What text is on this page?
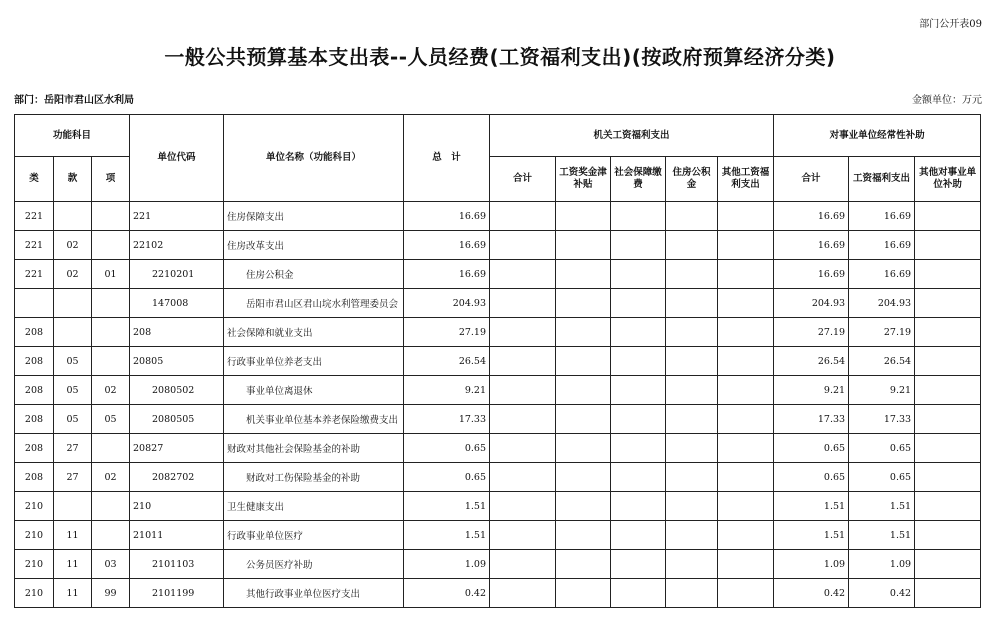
部门公开表09
一般公共预算基本支出表--人员经费(工资福利支出)(按政府预算经济分类)
部门：岳阳市君山区水利局	金额单位：万元
功能科目			单位代码	单位名称（功能科目）	总　计	机关工资福利支出					对事业单位经常性补助		
类	款	项				合计	工资奖金津补贴	社会保障缴费	住房公积金	其他工资福利支出	合计	工资福利支出	其他对事业单位补助
221			221	住房保障支出	16.69						16.69	16.69	
221	02		22102	住房改革支出	16.69						16.69	16.69	
221	02	01	2210201	住房公积金	16.69						16.69	16.69	
			147008	岳阳市君山区君山垸水利管理委员会	204.93						204.93	204.93	
208			208	社会保障和就业支出	27.19						27.19	27.19	
208	05		20805	行政事业单位养老支出	26.54						26.54	26.54	
208	05	02	2080502	事业单位离退休	9.21						9.21	9.21	
208	05	05	2080505	机关事业单位基本养老保险缴费支出	17.33						17.33	17.33	
208	27		20827	财政对其他社会保险基金的补助	0.65						0.65	0.65	
208	27	02	2082702	财政对工伤保险基金的补助	0.65						0.65	0.65	
210			210	卫生健康支出	1.51						1.51	1.51	
210	11		21011	行政事业单位医疗	1.51						1.51	1.51	
210	11	03	2101103	公务员医疗补助	1.09						1.09	1.09	
210	11	99	2101199	其他行政事业单位医疗支出	0.42						0.42	0.42	
